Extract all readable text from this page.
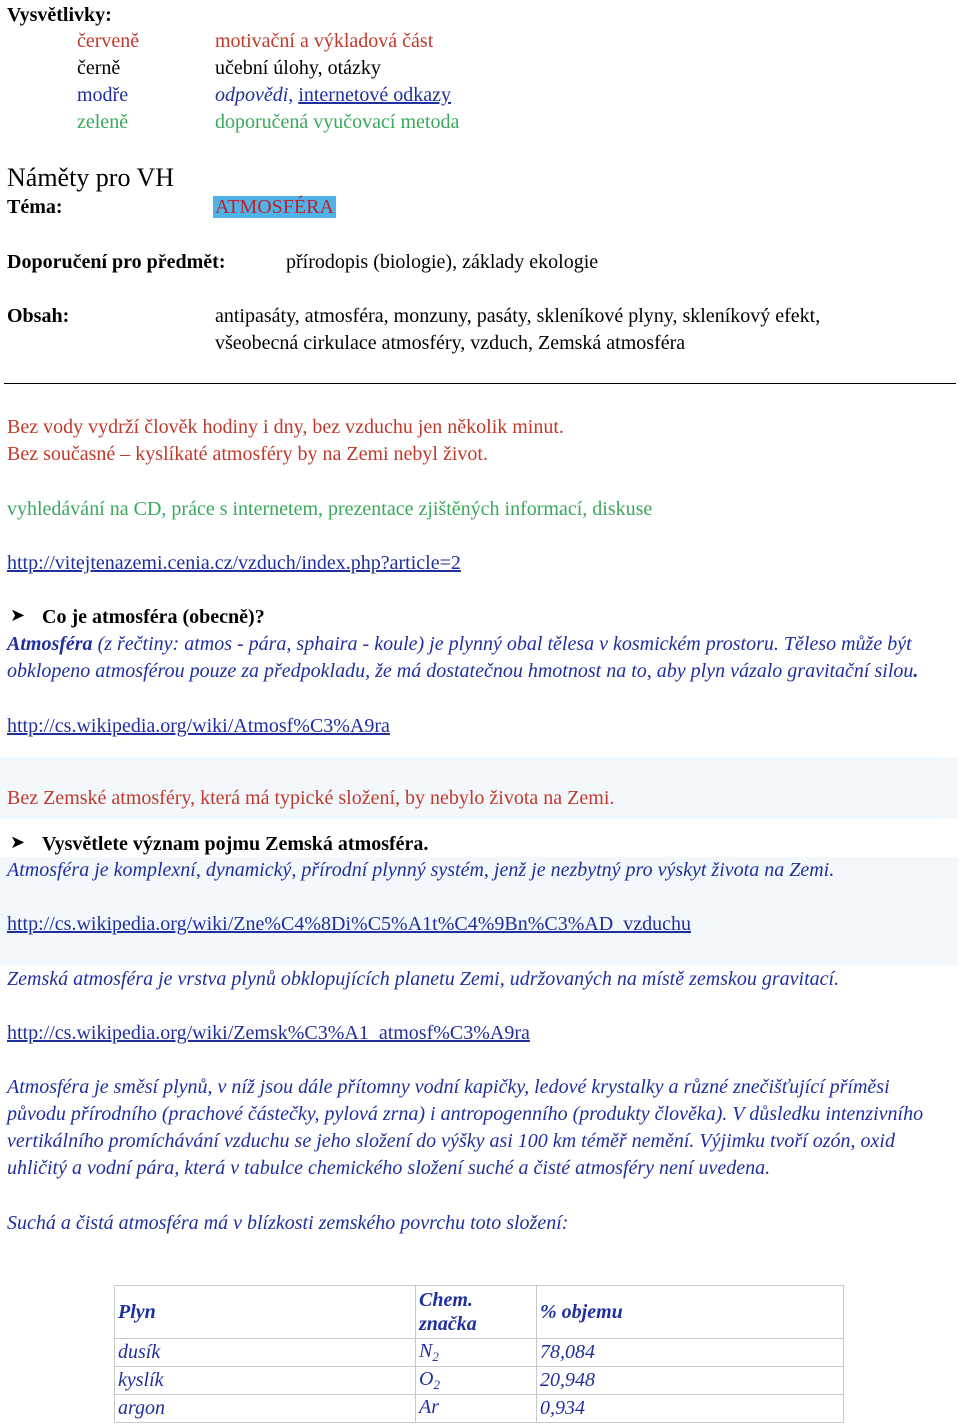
Vysvětlivky:
červeně	motivační a výkladová část
černě	učební úlohy, otázky
modře	odpovědi, internetové odkazy
zeleně	doporučená vyučovací metoda
Náměty pro VH
Téma:	ATMOSFÉRA
Doporučení pro předmět:	přírodopis (biologie), základy ekologie
Obsah:	antipasáty, atmosféra, monzuny, pasáty, skleníkové plyny, skleníkový efekt,
všeobecná cirkulace atmosféry, vzduch, Zemská atmosféra
Bez vody vydrží člověk hodiny i dny, bez vzduchu jen několik minut.
Bez současné – kyslíkaté atmosféry by na Zemi nebyl život.
vyhledávání na CD, práce s internetem, prezentace zjištěných informací, diskuse
http://vitejtenazemi.cenia.cz/vzduch/index.php?article=2
➤ Co je atmosféra (obecně)?
Atmosféra (z řečtiny: atmos - pára, sphaira - koule) je plynný obal tělesa v kosmickém prostoru. Těleso může být obklopeno atmosférou pouze za předpokladu, že má dostatečnou hmotnost na to, aby plyn vázalo gravitační silou.
http://cs.wikipedia.org/wiki/Atmosf%C3%A9ra
Bez Zemské atmosféry, která má typické složení, by nebylo života na Zemi.
➤ Vysvětlete význam pojmu Zemská atmosféra.
Atmosféra je komplexní, dynamický, přírodní plynný systém, jenž je nezbytný pro výskyt života na Zemi.
http://cs.wikipedia.org/wiki/Zne%C4%8Di%C5%A1t%C4%9Bn%C3%AD_vzduchu
Zemská atmosféra je vrstva plynů obklopujících planetu Zemi, udržovaných na místě zemskou gravitací.
http://cs.wikipedia.org/wiki/Zemsk%C3%A1_atmosf%C3%A9ra
Atmosféra je směsí plynů, v níž jsou dále přítomny vodní kapičky, ledové krystalky a různé znečišťující příměsi původu přírodního (prachové částečky, pylová zrna) i antropogenního (produkty člověka). V důsledku intenzivního vertikálního promíchávání vzduchu se jeho složení do výšky asi 100 km téměř nemění. Výjimku tvoří ozón, oxid uhličitý a vodní pára, která v tabulce chemického složení suché a čisté atmosféry není uvedena.
Suchá a čistá atmosféra má v blízkosti zemského povrchu toto složení:
Plyn	Chem. značka	% objemu
dusík	$N_2$	78,084
kyslík	$O_2$	20,948
argon	Ar	0,934
